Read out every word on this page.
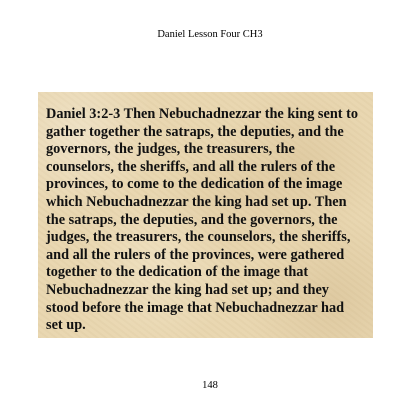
Daniel Lesson Four CH3

Daniel 3:2-3 Then Nebuchadnezzar the king sent to
gather together the satraps, the deputies, and the
governors, the judges, the treasurers, the
counselors, the sheriffs, and all the rulers of the
provinces, to come to the dedication of the image
which Nebuchadnezzar the king had set up. Then
the satraps, the deputies, and the governors, the
judges, the treasurers, the counselors, the sheriffs,
and all the rulers of the provinces, were gathered
together to the dedication of the image that
Nebuchadnezzar the king had set up; and they
stood before the image that Nebuchadnezzar had
set up.

148
